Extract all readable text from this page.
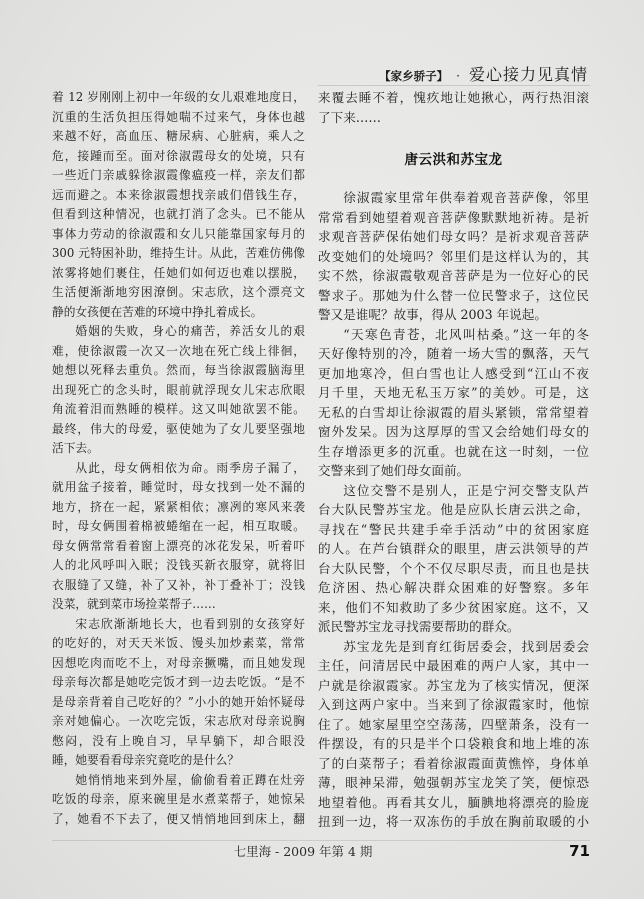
【家乡骄子】 · 爱心接力见真情
着 12 岁刚刚上初中一年级的女儿艰难地度日，
沉重的生活负担压得她喘不过来气，身体也越
来越不好，高血压、糖尿病、心脏病，乘人之
危，接踵而至。面对徐淑霞母女的处境，只有
一些近门亲戚躲徐淑霞像瘟疫一样，亲友们都
远而避之。本来徐淑霞想找亲戚们借钱生存，
但看到这种情况，也就打消了念头。已不能从
事体力劳动的徐淑霞和女儿只能靠国家每月的
300 元特困补助，维持生计。从此，苦难仿佛像
浓雾将她们裹住，任她们如何迈也难以摆脱，
生活便渐渐地穷困潦倒。宋志欣，这个漂亮文
静的女孩便在苦难的环境中挣扎着成长。
婚姻的失败，身心的痛苦，养活女儿的艰
难，使徐淑霞一次又一次地在死亡线上徘徊，
她想以死释去重负。然而，每当徐淑霞脑海里
出现死亡的念头时，眼前就浮现女儿宋志欣眼
角流着泪而熟睡的模样。这又叫她欲罢不能。
最终，伟大的母爱，驱使她为了女儿要坚强地
活下去。
从此，母女俩相依为命。雨季房子漏了，
就用盆子接着，睡觉时，母女找到一处不漏的
地方，挤在一起，紧紧相依；凛冽的寒风来袭
时，母女俩围着棉被蜷缩在一起，相互取暖。
母女俩常常看着窗上漂亮的冰花发呆，听着吓
人的北风呼叫入眠；没钱买新衣服穿，就将旧
衣服缝了又缝，补了又补，补丁叠补丁；没钱
没菜，就到菜市场捡菜帮子……
宋志欣渐渐地长大，也看到别的女孩穿好
的吃好的，对天天米饭、馒头加炒素菜，常常
因想吃肉而吃不上，对母亲撅嘴，而且她发现
母亲每次都是她吃完饭才到一边去吃饭。“是不
是母亲背着自己吃好的？”小小的她开始怀疑母
亲对她偏心。一次吃完饭，宋志欣对母亲说胸
憋闷，没有上晚自习，早早躺下，却合眼没
睡，她要看看母亲究竟吃的是什么？
她悄悄地来到外屋，偷偷看着正蹲在灶旁
吃饭的母亲，原来碗里是水煮菜帮子，她惊呆
了，她看不下去了，便又悄悄地回到床上，翻
来覆去睡不着，愧疚地让她揪心，两行热泪滚
了下来……
唐云洪和苏宝龙
徐淑霞家里常年供奉着观音菩萨像，邻里
常常看到她望着观音菩萨像默默地祈祷。是祈
求观音菩萨保佑她们母女吗？是祈求观音菩萨
改变她们的处境吗？邻里们是这样认为的，其
实不然，徐淑霞敬观音菩萨是为一位好心的民
警求子。那她为什么替一位民警求子，这位民
警又是谁呢？故事，得从 2003 年说起。
“天寒色青苍，北风叫枯桑。”这一年的冬
天好像特别的冷，随着一场大雪的飘落，天气
更加地寒冷，但白雪也让人感受到“江山不夜
月千里，天地无私玉万家”的美妙。可是，这
无私的白雪却让徐淑霞的眉头紧锁，常常望着
窗外发呆。因为这厚厚的雪又会给她们母女的
生存增添更多的沉重。也就在这一时刻，一位
交警来到了她们母女面前。
这位交警不是别人，正是宁河交警支队芦
台大队民警苏宝龙。他是应队长唐云洪之命，
寻找在“警民共建手牵手活动”中的贫困家庭
的人。在芦台镇群众的眼里，唐云洪领导的芦
台大队民警，个个不仅尽职尽责，而且也是扶
危济困、热心解决群众困难的好警察。多年
来，他们不知救助了多少贫困家庭。这不，又
派民警苏宝龙寻找需要帮助的群众。
苏宝龙先是到育红街居委会，找到居委会
主任，问清居民中最困难的两户人家，其中一
户就是徐淑霞家。苏宝龙为了核实情况，便深
入到这两户家中。当来到了徐淑霞家时，他惊
住了。她家屋里空空荡荡，四壁萧条，没有一
件摆设，有的只是半个口袋粮食和地上堆的冻
了的白菜帮子；看着徐淑霞面黄憔悴，身体单
薄，眼神呆滞，勉强朝苏宝龙笑了笑，便惊恐
地望着他。再看其女儿，腼腆地将漂亮的脸庞
扭到一边，将一双冻伤的手放在胸前取暖的小
七里海 - 2009 年第 4 期	71
